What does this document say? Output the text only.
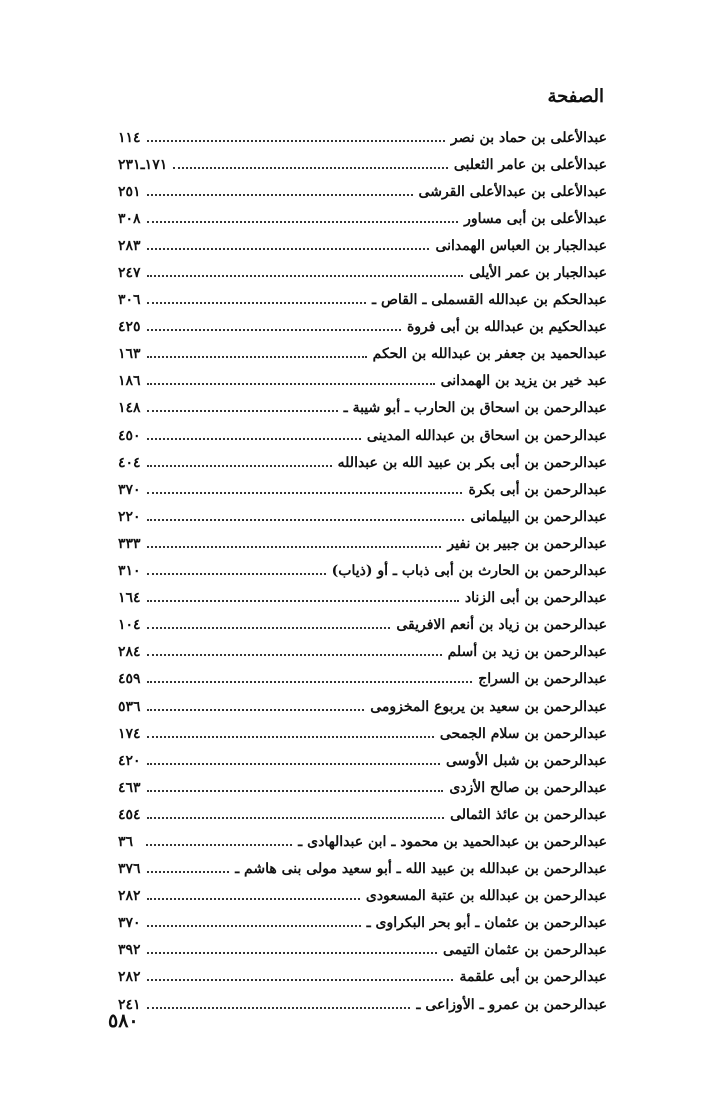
الصفحة
عبدالأعلى بن حماد بن نصر
١١٤
عبدالأعلى بن عامر الثعلبى
١٧١ـ٢٣١
عبدالأعلى بن عبدالأعلى القرشى
٢٥١
عبدالأعلى بن أبى مساور
٣٠٨
عبدالجبار بن العباس الهمدانى
٢٨٣
عبدالجبار بن عمر الأيلى
٢٤٧
عبدالحكم بن عبدالله القسملى ـ القاص ـ
٣٠٦
عبدالحكيم بن عبدالله بن أبى فروة
٤٢٥
عبدالحميد بن جعفر بن عبدالله بن الحكم
١٦٣
عبد خير بن يزيد بن الهمدانى
١٨٦
عبدالرحمن بن اسحاق بن الحارب ـ أبو شيبة ـ
١٤٨
عبدالرحمن بن اسحاق بن عبدالله المدينى
٤٥٠
عبدالرحمن بن أبى بكر بن عبيد الله بن عبدالله
٤٠٤
عبدالرحمن بن أبى بكرة
٣٧٠
عبدالرحمن بن البيلمانى
٢٢٠
عبدالرحمن بن جبير بن نفير
٣٣٣
عبدالرحمن بن الحارث بن أبى ذباب ـ أو (ذياب)
٣١٠
عبدالرحمن بن أبى الزناد
١٦٤
عبدالرحمن بن زياد بن أنعم الافريقى
١٠٤
عبدالرحمن بن زيد بن أسلم
٢٨٤
عبدالرحمن بن السراج
٤٥٩
عبدالرحمن بن سعيد بن يربوع المخزومى
٥٣٦
عبدالرحمن بن سلام الجمحى
١٧٤
عبدالرحمن بن شبل الأوسى
٤٢٠
عبدالرحمن بن صالح الأزدى
٤٦٣
عبدالرحمن بن عائذ الثمالى
٤٥٤
عبدالرحمن بن عبدالحميد بن محمود ـ ابن عبدالهادى ـ
٣٦
عبدالرحمن بن عبدالله بن عبيد الله ـ أبو سعيد مولى بنى هاشم ـ
٣٧٦
عبدالرحمن بن عبدالله بن عتبة المسعودى
٢٨٢
عبدالرحمن بن عثمان ـ أبو بحر البكراوى ـ
٣٧٠
عبدالرحمن بن عثمان التيمى
٣٩٢
عبدالرحمن بن أبى علقمة
٢٨٢
عبدالرحمن بن عمرو ـ الأوزاعى ـ
٢٤١
٥٨٠
